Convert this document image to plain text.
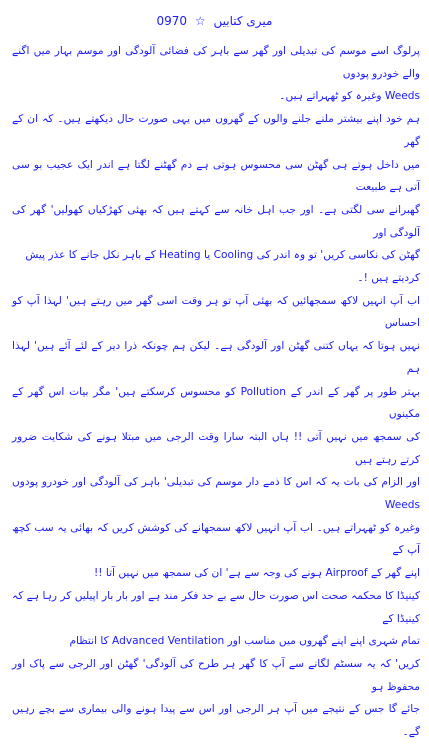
0970 ☆ میری کتابیں
پرلوگ اسے موسم کی تبدیلی اور گھر سے باہر کی فضائی آلودگی اور موسم بہار میں اگنے والے خودرو پودوں
Weeds وغیرہ کو ٹھہراتے ہیں۔
ہم خود اپنے بیشتر ملنے جلنے والوں کے گھروں میں یہی صورت حال دیکھتے ہیں۔ کہ ان کے گھر
میں داخل ہوتے ہی گھٹن سی محسوس ہوتی ہے دم گھٹنے لگتا ہے اندر ایک عجیب بو سی آتی ہے طبیعت
گھبرانے سی لگتی ہے۔ اور جب اہل خانہ سے کہتے ہیں کہ بھئی کھڑکیاں کھولیں' گھر کی آلودگی اور
گھٹن کی نکاسی کریں' تو وہ اندر کی Cooling یا Heating کے باہر نکل جانے کا عذر پیش
کردیتے ہیں !۔
اب آپ انہیں لاکھ سمجھائیں کہ بھئی آپ تو ہر وقت اسی گھر میں رہتے ہیں' لہذا آپ کو احساس
نہیں ہوتا کہ یہاں کتنی گھٹن اور آلودگی ہے۔ لیکن ہم چونکہ ذرا دیر کے لئے آئے ہیں' لہذا ہم
بہتر طور پر گھر کے اندر کے Pollution کو محسوس کرسکتے ہیں' مگر بیات اس گھر کے مکینوں
کی سمجھ میں نہیں آتی !! ہاں البتہ سارا وقت الرجی میں مبتلا ہونے کی شکایت ضرور کرتے رہتے ہیں
اور الزام کی بات یہ کہ اس کا ذمے دار موسم کی تبدیلی' باہر کی آلودگی اور خودرو پودوں Weeds
وغیرہ کو ٹھہراتے ہیں۔ اب آپ انہیں لاکھ سمجھانے کی کوشش کریں کہ بھائی یہ سب کچھ آپ کے
اپنے گھر کے Airproof ہونے کی وجہ سے ہے' ان کی سمجھ میں نہیں آتا !!
کینیڈا کا محکمہ صحت اس صورت حال سے بے حد فکر مند ہے اور بار بار اپیلیں کر رہا ہے کہ کینیڈا کے
تمام شہری اپنے اپنے گھروں میں مناسب اور Advanced Ventilation کا انتظام
کریں' کہ یہ سسٹم لگانے سے آپ کا گھر ہر طرح کی آلودگی' گھٹن اور الرجی سے پاک اور محفوظ ہو
جائے گا جس کے نتیجے میں آپ ہر الرجی اور اس سے پیدا ہونے والی بیماری سے بچے رہیں گے۔
